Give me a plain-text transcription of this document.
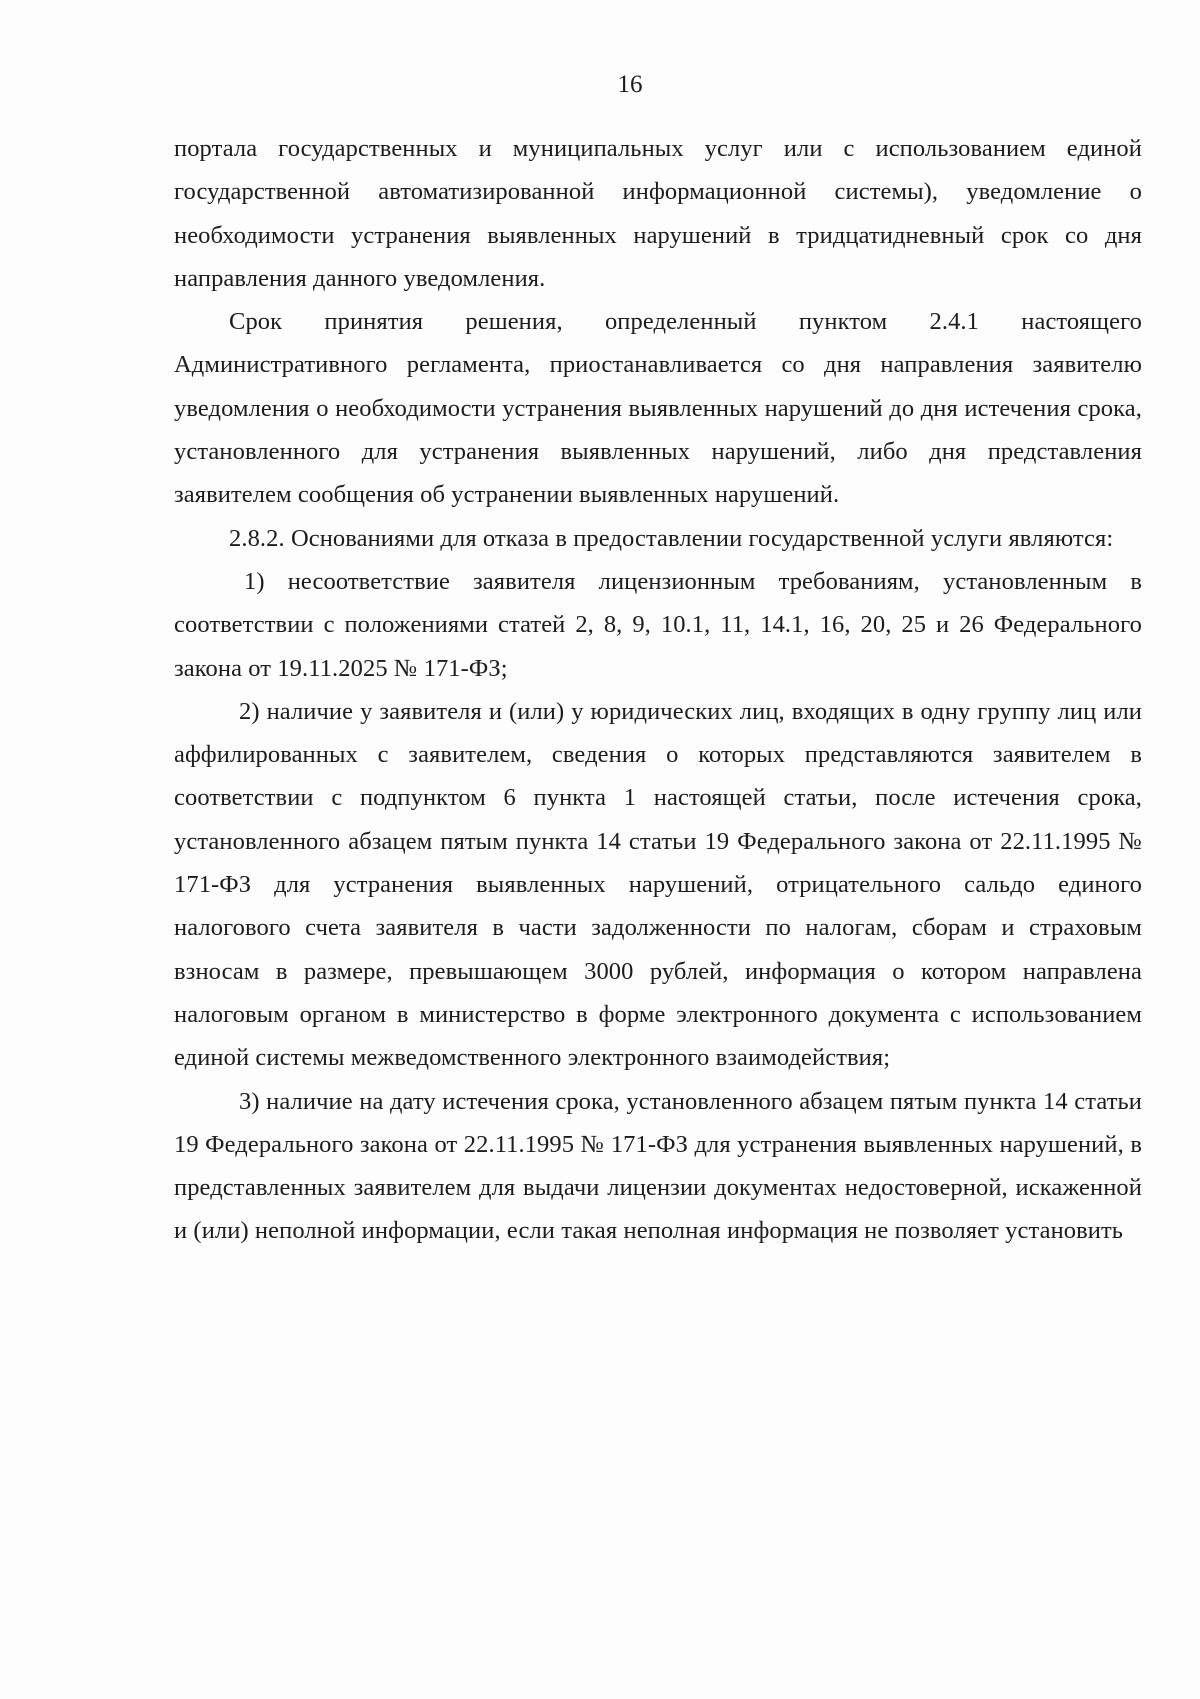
16

портала государственных и муниципальных услуг или с использованием единой государственной автоматизированной информационной системы), уведомление о необходимости устранения выявленных нарушений в тридцатидневный срок со дня направления данного уведомления.

Срок принятия решения, определенный пунктом 2.4.1 настоящего Административного регламента, приостанавливается со дня направления заявителю уведомления о необходимости устранения выявленных нарушений до дня истечения срока, установленного для устранения выявленных нарушений, либо дня представления заявителем сообщения об устранении выявленных нарушений.

2.8.2. Основаниями для отказа в предоставлении государственной услуги являются:

1) несоответствие заявителя лицензионным требованиям, установленным в соответствии с положениями статей 2, 8, 9, 10.1, 11, 14.1, 16, 20, 25 и 26 Федерального закона от 19.11.2025 № 171-ФЗ;

2) наличие у заявителя и (или) у юридических лиц, входящих в одну группу лиц или аффилированных с заявителем, сведения о которых представляются заявителем в соответствии с подпунктом 6 пункта 1 настоящей статьи, после истечения срока, установленного абзацем пятым пункта 14 статьи 19 Федерального закона от 22.11.1995 № 171-ФЗ для устранения выявленных нарушений, отрицательного сальдо единого налогового счета заявителя в части задолженности по налогам, сборам и страховым взносам в размере, превышающем 3000 рублей, информация о котором направлена налоговым органом в министерство в форме электронного документа с использованием единой системы межведомственного электронного взаимодействия;

3) наличие на дату истечения срока, установленного абзацем пятым пункта 14 статьи 19 Федерального закона от 22.11.1995 № 171-ФЗ для устранения выявленных нарушений, в представленных заявителем для выдачи лицензии документах недостоверной, искаженной и (или) неполной информации, если такая неполная информация не позволяет установить
